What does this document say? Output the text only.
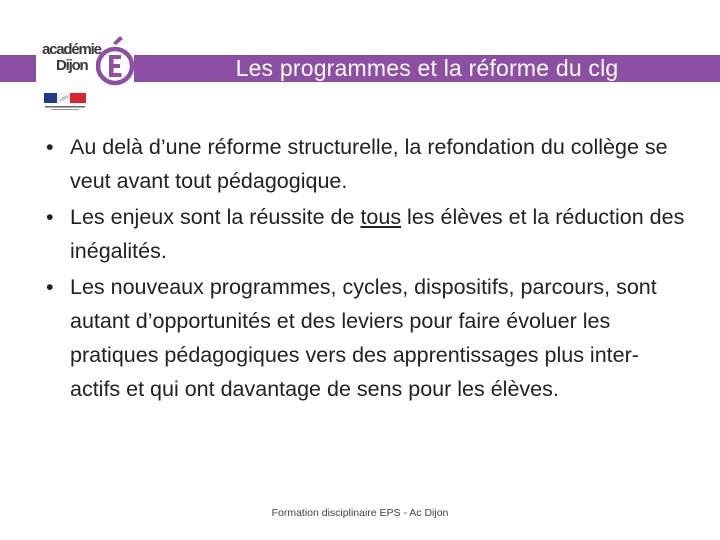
Les programmes et la réforme du clg
académie
Dijon
•
Au delà d’une réforme structurelle, la refondation du collège se veut avant tout pédagogique.
•
Les enjeux sont la réussite de tous les élèves et la réduction des inégalités.
•
Les nouveaux programmes, cycles, dispositifs, parcours, sont autant d’opportunités et des leviers pour faire évoluer les pratiques pédagogiques vers des apprentissages plus inter-actifs et qui ont davantage de sens pour les élèves.
Formation disciplinaire EPS - Ac Dijon
